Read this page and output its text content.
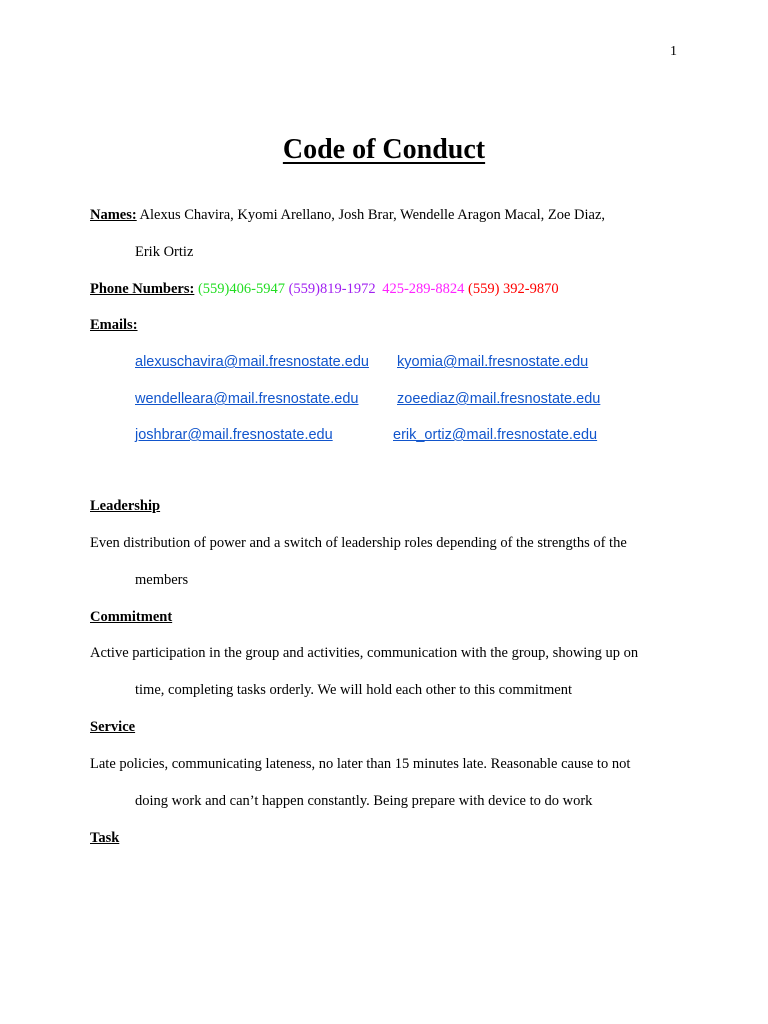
1
Code of Conduct
Names: Alexus Chavira, Kyomi Arellano, Josh Brar, Wendelle Aragon Macal, Zoe Diaz,
Erik Ortiz
Phone Numbers: (559)406-5947 (559)819-1972 425-289-8824 (559) 392-9870
Emails:
alexuschavira@mail.fresnostate.edu kyomia@mail.fresnostate.edu
wendelleara@mail.fresnostate.edu	zoeediaz@mail.fresnostate.edu
joshbrar@mail.fresnostate.edu	erik_ortiz@mail.fresnostate.edu
Leadership
Even distribution of power and a switch of leadership roles depending of the strengths of the
members
Commitment
Active participation in the group and activities, communication with the group, showing up on
time, completing tasks orderly. We will hold each other to this commitment
Service
Late policies, communicating lateness, no later than 15 minutes late. Reasonable cause to not
doing work and can’t happen constantly. Being prepare with device to do work
Task
